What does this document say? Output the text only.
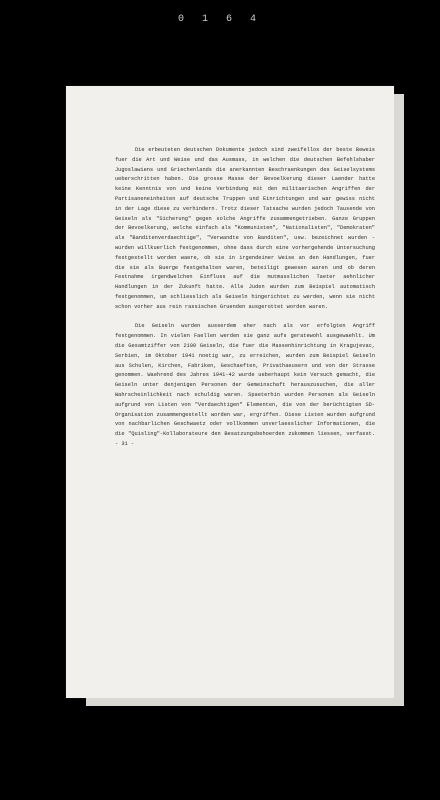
0 1 6 4

Die erbeuteten deutschen Dokumente jedoch sind zweifellos der beste Beweis fuer die Art und Weise und das Ausmass, in welchen die deutschen Befehlshaber Jugoslawiens und Griechenlands die anerkannten Beschraenkungen des Geiselsystems ueberschritten haben. Die grosse Masse der Bevoelkerung dieser Laender hatte keine Kenntnis von und keine Verbindung mit den militaerischen Angriffen der Partisaneneinheiten auf deutsche Truppen und Einrichtungen und war gewiss nicht in der Lage diese zu verhindern. Trotz dieser Tatsache wurden jedoch Tausende von Geiseln als "Sicherung" gegen solche Angriffe zusammengetrieben. Ganze Gruppen der Bevoelkerung, welche einfach als "Kommunisten", "Nationalisten", "Demokraten" als "Banditenverdaechtige", "Verwandte von Banditen", usw. bezeichnet wurden - wurden willkuerlich festgenommen, ohne dass durch eine vorhergehende Untersuchung festgestellt worden waere, ob sie in irgendeiner Weise an den Handlungen, fuer die sie als Buerge festgehalten waren, beteiligt gewesen waren und ob deren Festnahme irgendwelchen Einfluss auf die mutmasslichen Taeter aehnlicher Handlungen in der Zukunft hatte. Alle Juden wurden zum Beispiel automatisch festgenommen, um schliesslich als Geiseln hingerichtet zu werden, wenn sie nicht schon vorher aus rein rassischen Gruenden ausgerottet worden waren.

Die Geiseln wurden ausserdem eher nach als vor erfolgten Angriff festgenommen. In vielen Faellen werden sie ganz aufs geratewohl ausgewaehlt. Um die Gesamtziffer von 2100 Geiseln, die fuer die Massenhinrichtung in Kragujevac, Serbien, im Oktober 1941 noetig war, zu erreichen, wurden zum Beispiel Geiseln aus Schulen, Kirchen, Fabriken, Geschaeften, Privathaeusern und von der Strasse genommen. Waehrend des Jahres 1941-42 wurde ueberhaupt kein Versuch gemacht, die Geiseln unter denjenigen Personen der Gemeinschaft herauszusuchen, die aller Wahrscheinlichkeit nach schuldig waren. Spaeterhin wurden Personen als Geiseln aufgrund von Listen von "Verdaechtigen" Elementen, die von der berüchtigten SD-Organisation zusammengestellt worden war, ergriffen. Diese Listen wurden aufgrund von nachbarlichen Geschwaetz oder vollkommen unverlaesslicher Informationen, die die "Quisling"-Kollaborateure den Besatzungsbehoerden zukommen liessen, verfasst. - 31 -
